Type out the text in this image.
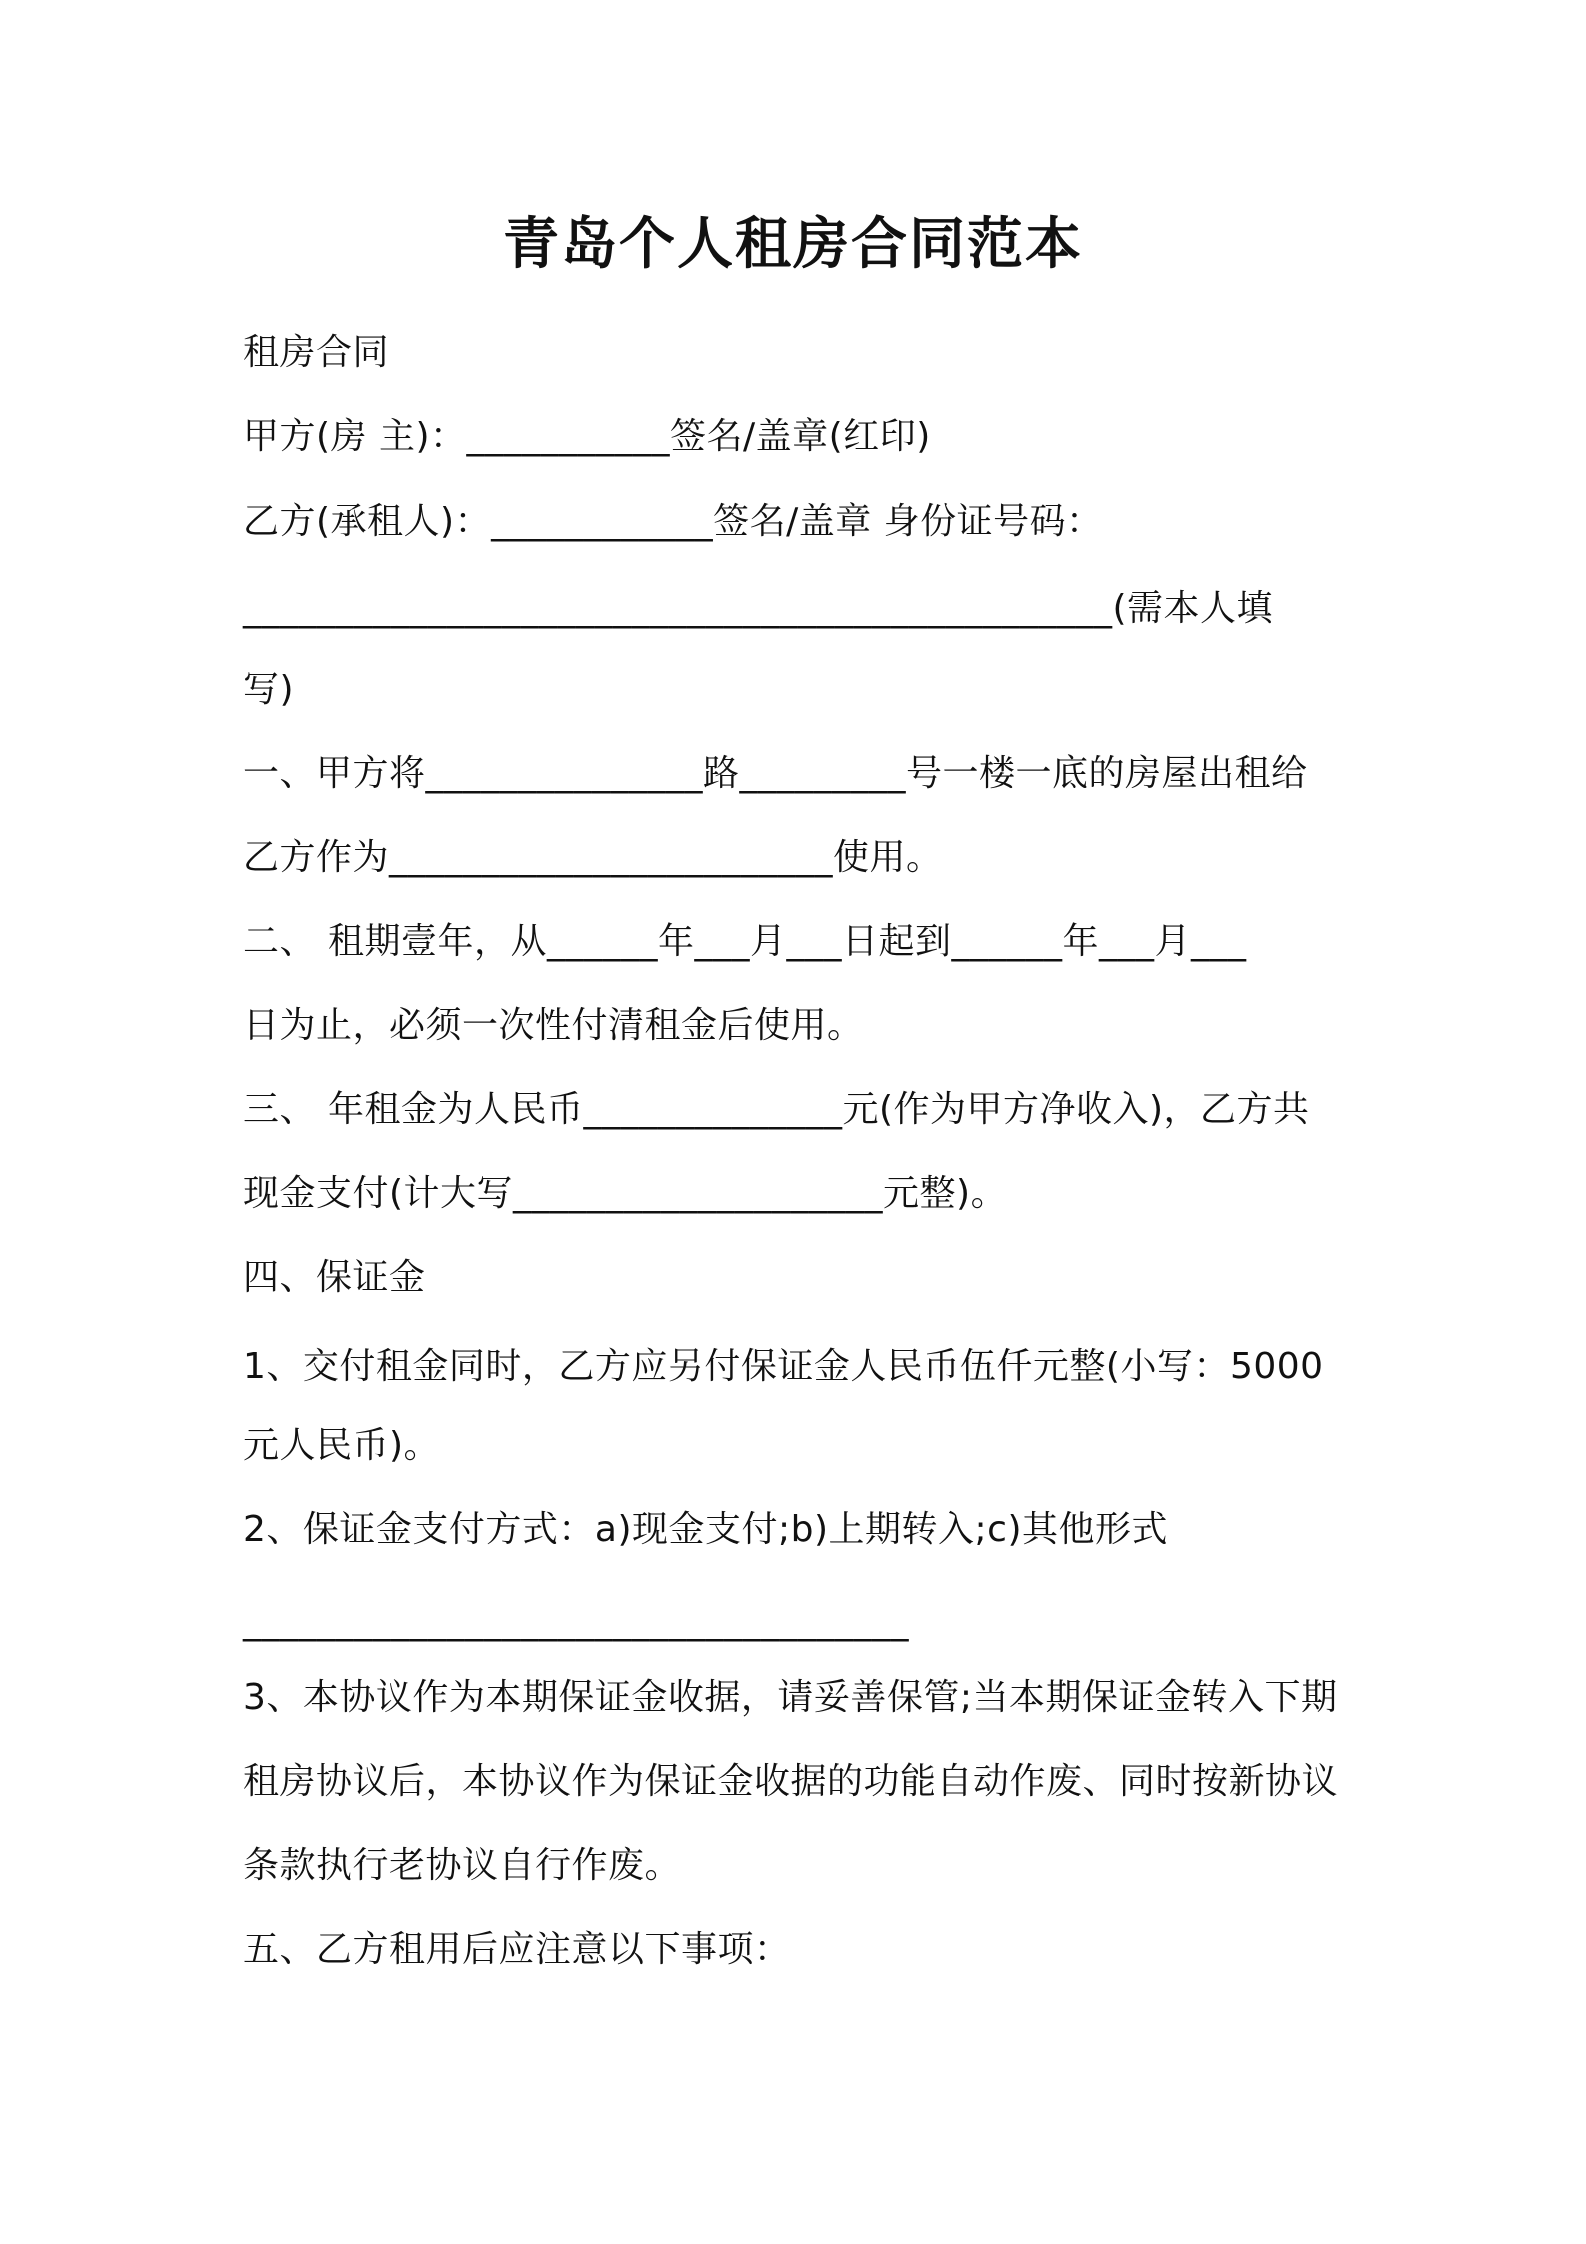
青岛个人租房合同范本
租房合同
甲方(房 主)：___________签名/盖章(红印)
乙方(承租人)：____________签名/盖章 身份证号码：
_______________________________________________(需本人填
写)
一、甲方将_______________路_________号一楼一底的房屋出租给
乙方作为________________________使用。
二、 租期壹年，从______年___月___日起到______年___月___
日为止，必须一次性付清租金后使用。
三、 年租金为人民币______________元(作为甲方净收入)，乙方共
现金支付(计大写____________________元整)。
四、保证金
1、交付租金同时，乙方应另付保证金人民币伍仟元整(小写：5000
元人民币)。
2、保证金支付方式：a)现金支付;b)上期转入;c)其他形式
____________________________________
3、本协议作为本期保证金收据，请妥善保管;当本期保证金转入下期
租房协议后，本协议作为保证金收据的功能自动作废、同时按新协议
条款执行老协议自行作废。
五、乙方租用后应注意以下事项：
